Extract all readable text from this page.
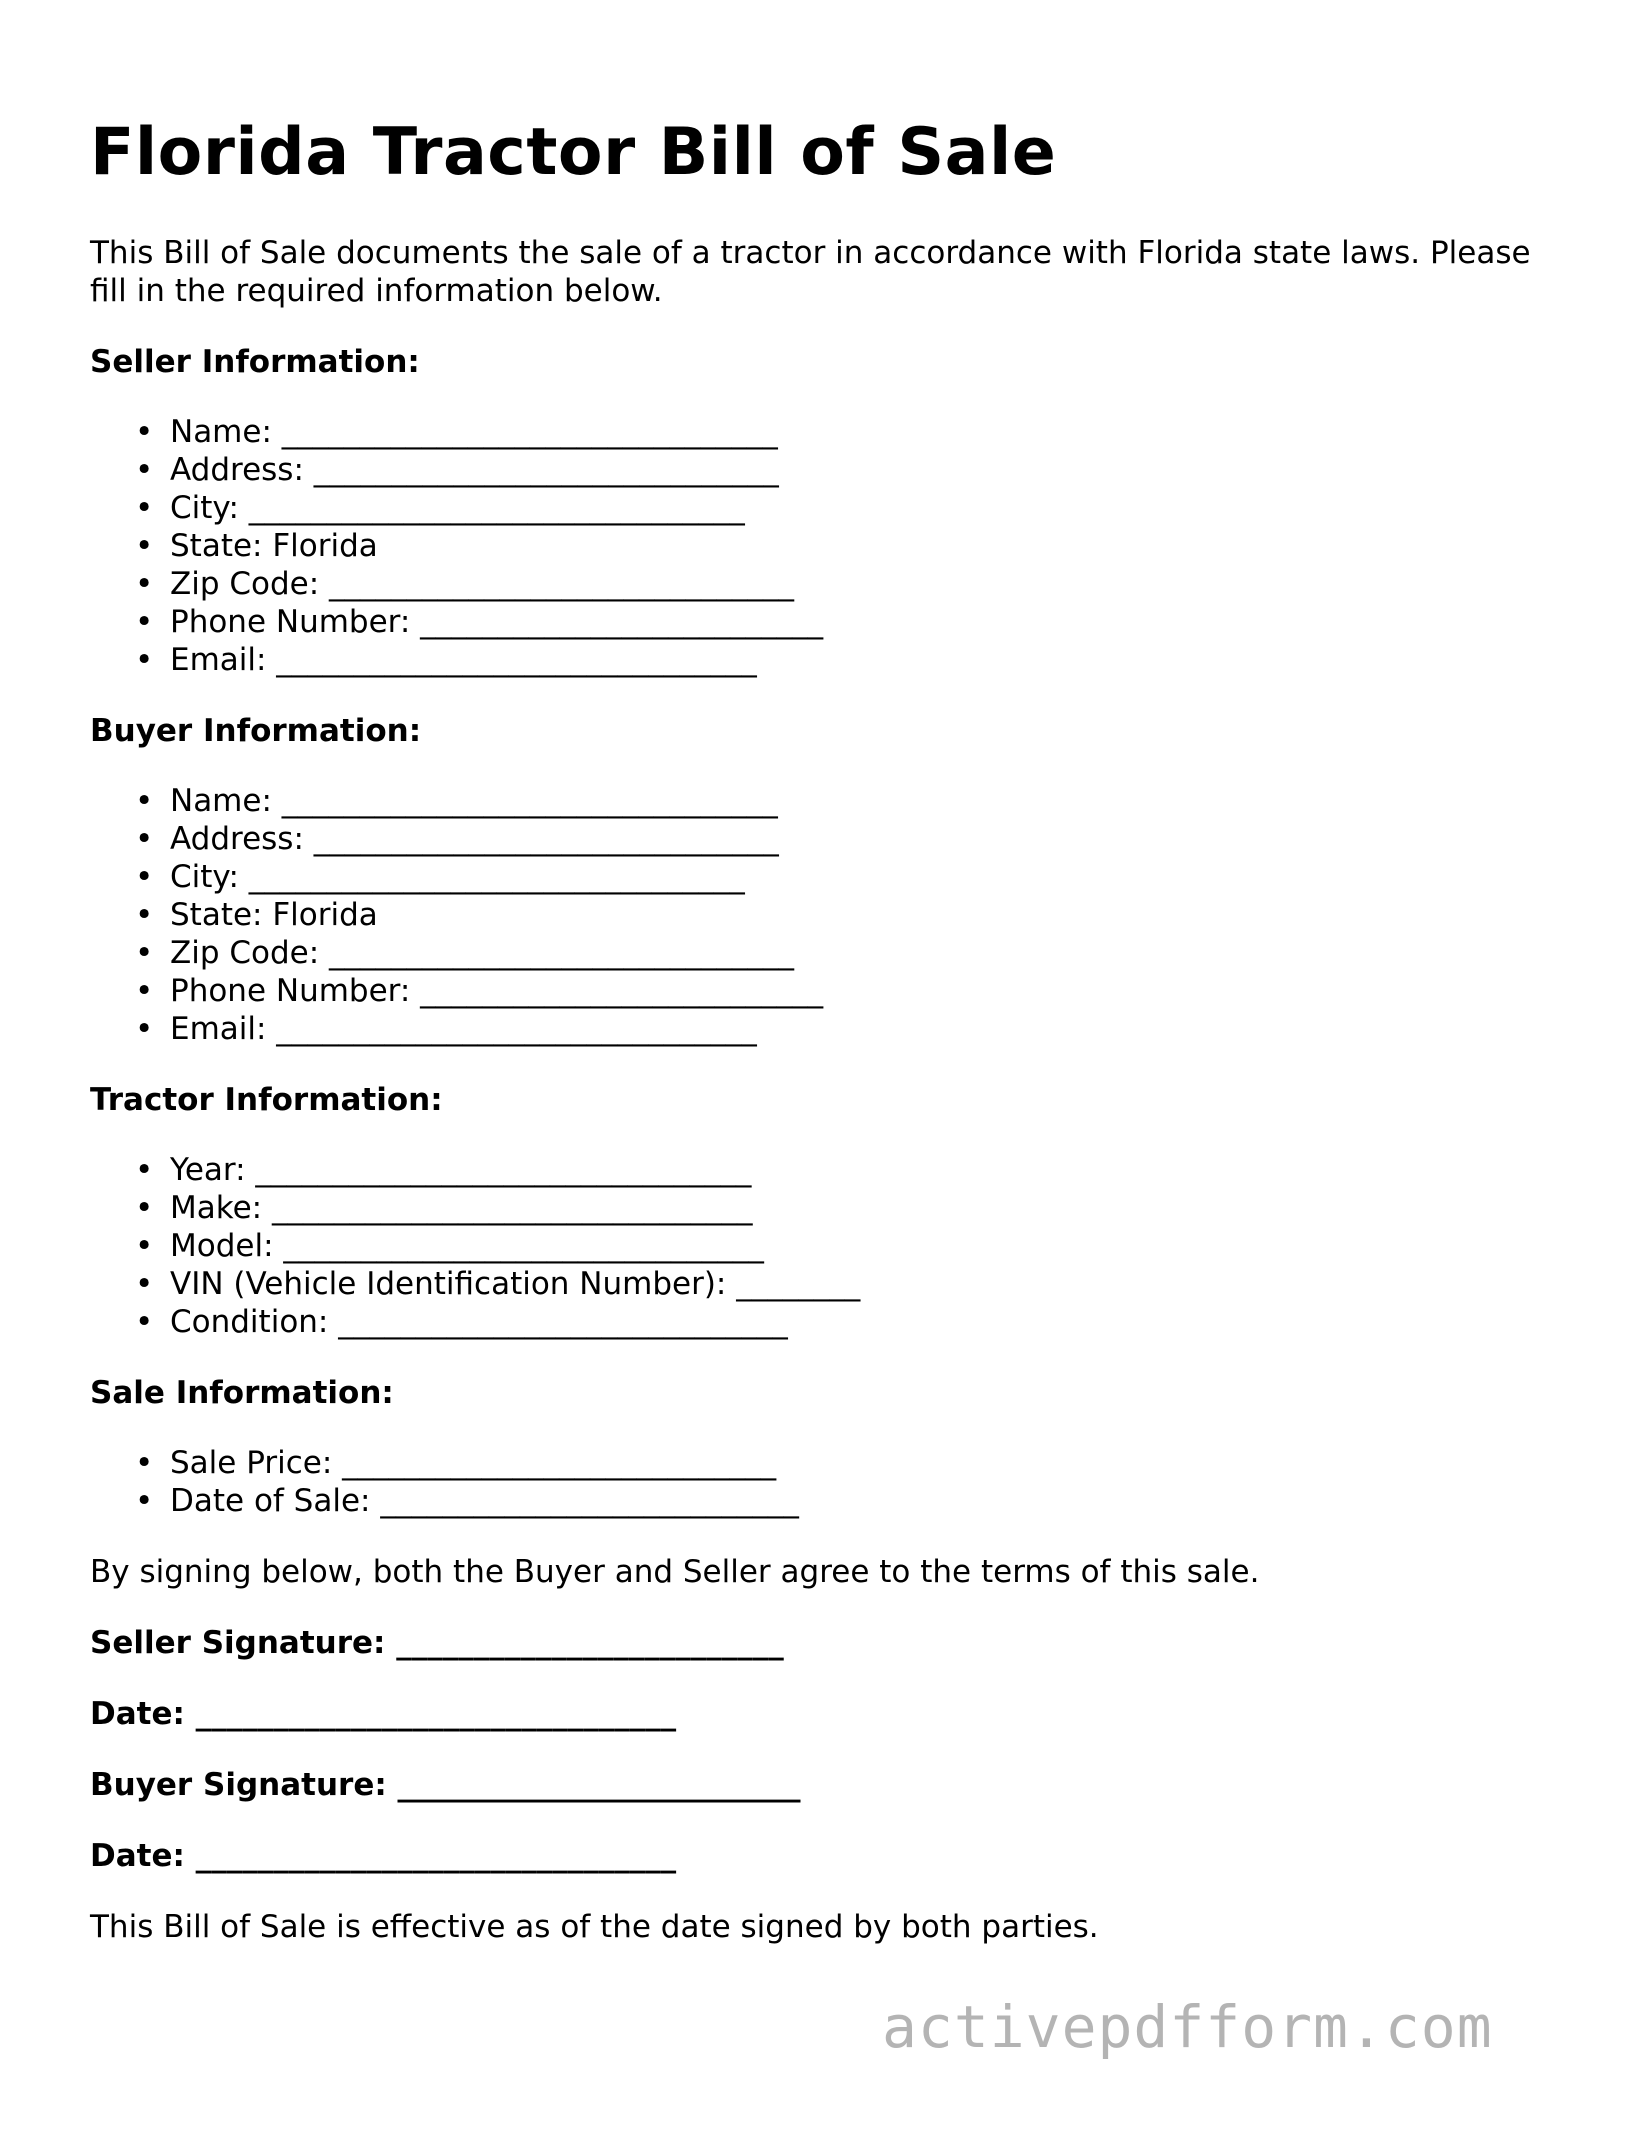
Florida Tractor Bill of Sale

This Bill of Sale documents the sale of a tractor in accordance with Florida state laws. Please fill in the required information below.

Seller Information:
• Name: ________________________________
• Address: ______________________________
• City: ________________________________
• State: Florida
• Zip Code: ______________________________
• Phone Number: __________________________
• Email: _______________________________
Buyer Information:
• Name: ________________________________
• Address: ______________________________
• City: ________________________________
• State: Florida
• Zip Code: ______________________________
• Phone Number: __________________________
• Email: _______________________________
Tractor Information:
• Year: ________________________________
• Make: _______________________________
• Model: _______________________________
• VIN (Vehicle Identification Number): ________
• Condition: _____________________________
Sale Information:
• Sale Price: ____________________________
• Date of Sale: ___________________________

By signing below, both the Buyer and Seller agree to the terms of this sale.

Seller Signature: _________________________

Date: _______________________________

Buyer Signature: __________________________

Date: _______________________________

This Bill of Sale is effective as of the date signed by both parties.

activepdfform.com
